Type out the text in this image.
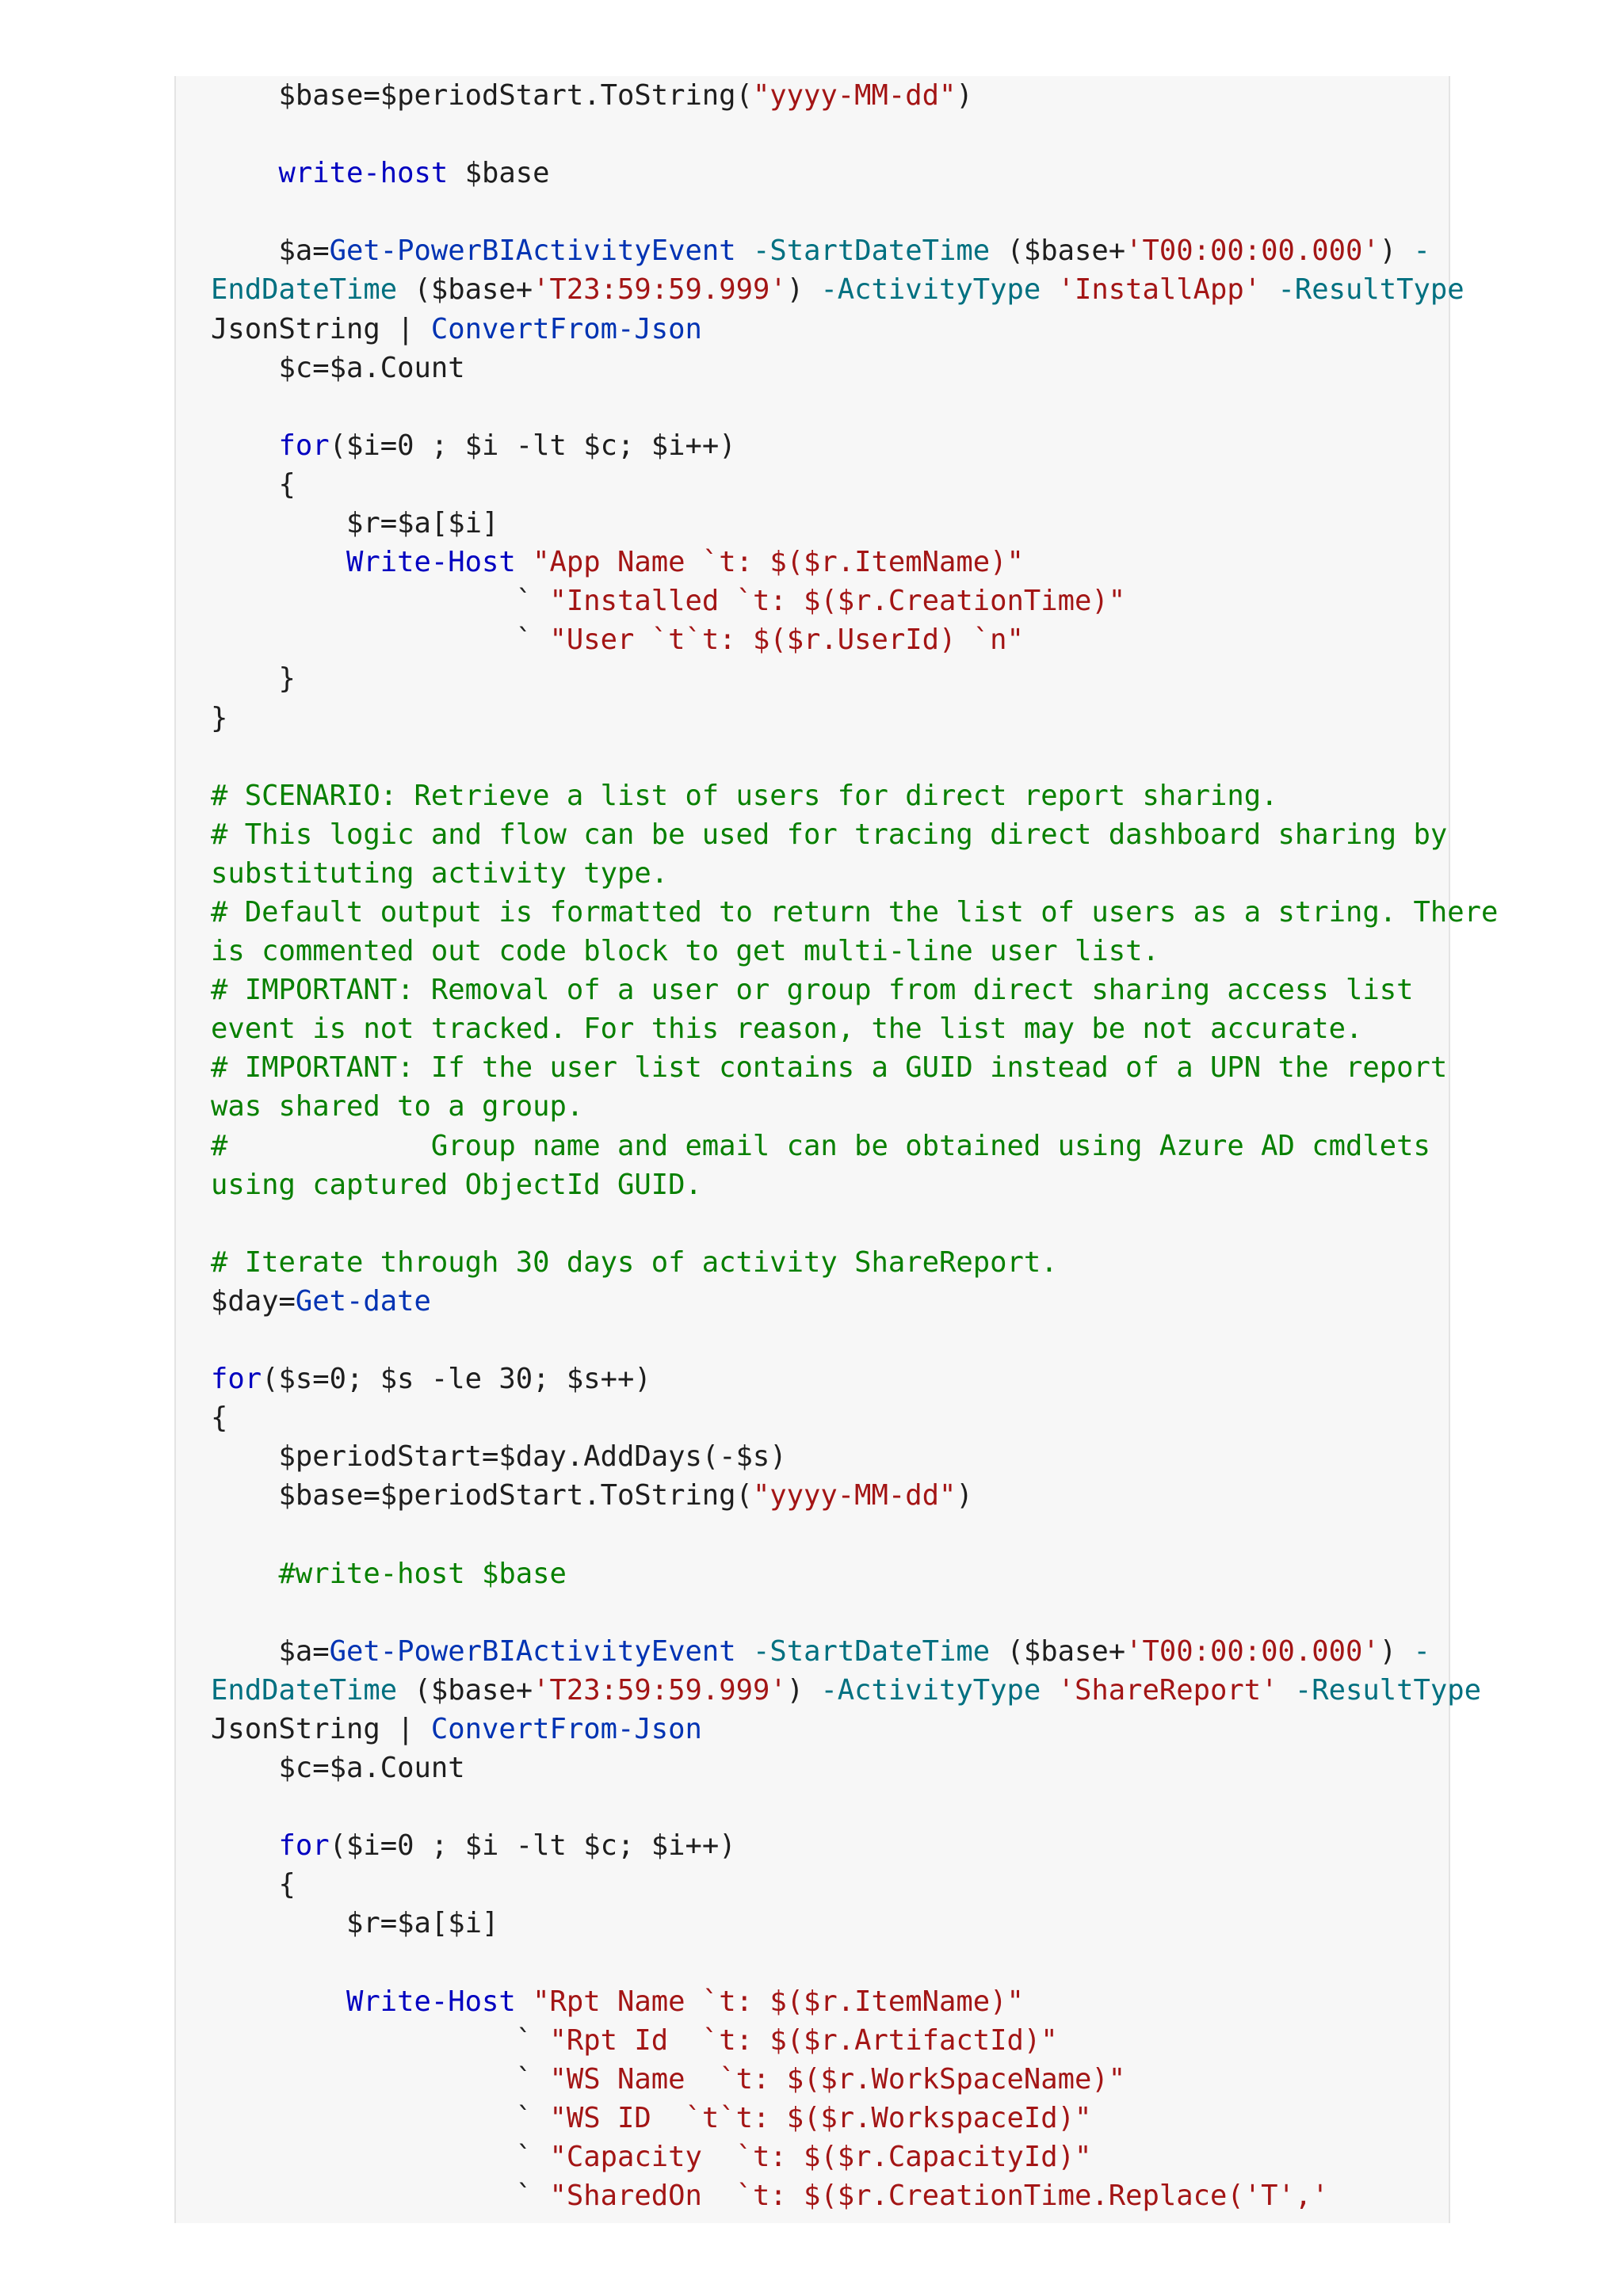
$base=$periodStart.ToString("yyyy-MM-dd")
write-host $base
$a=Get-PowerBIActivityEvent -StartDateTime ($base+'T00:00:00.000') -
EndDateTime ($base+'T23:59:59.999') -ActivityType 'InstallApp' -ResultType
JsonString | ConvertFrom-Json
$c=$a.Count
for($i=0 ; $i -lt $c; $i++)
{
$r=$a[$i]
Write-Host "App Name `t: $($r.ItemName)"
` "Installed `t: $($r.CreationTime)"
` "User `t`t: $($r.UserId) `n"
}
}
# SCENARIO: Retrieve a list of users for direct report sharing.
# This logic and flow can be used for tracing direct dashboard sharing by
substituting activity type.
# Default output is formatted to return the list of users as a string. There
is commented out code block to get multi-line user list.
# IMPORTANT: Removal of a user or group from direct sharing access list
event is not tracked. For this reason, the list may be not accurate.
# IMPORTANT: If the user list contains a GUID instead of a UPN the report
was shared to a group.
#            Group name and email can be obtained using Azure AD cmdlets
using captured ObjectId GUID.
# Iterate through 30 days of activity ShareReport.
$day=Get-date
for($s=0; $s -le 30; $s++)
{
$periodStart=$day.AddDays(-$s)
$base=$periodStart.ToString("yyyy-MM-dd")
#write-host $base
$a=Get-PowerBIActivityEvent -StartDateTime ($base+'T00:00:00.000') -
EndDateTime ($base+'T23:59:59.999') -ActivityType 'ShareReport' -ResultType
JsonString | ConvertFrom-Json
$c=$a.Count
for($i=0 ; $i -lt $c; $i++)
{
$r=$a[$i]
Write-Host "Rpt Name `t: $($r.ItemName)"
` "Rpt Id  `t: $($r.ArtifactId)"
` "WS Name  `t: $($r.WorkSpaceName)"
` "WS ID  `t`t: $($r.WorkspaceId)"
` "Capacity  `t: $($r.CapacityId)"
` "SharedOn  `t: $($r.CreationTime.Replace('T','
